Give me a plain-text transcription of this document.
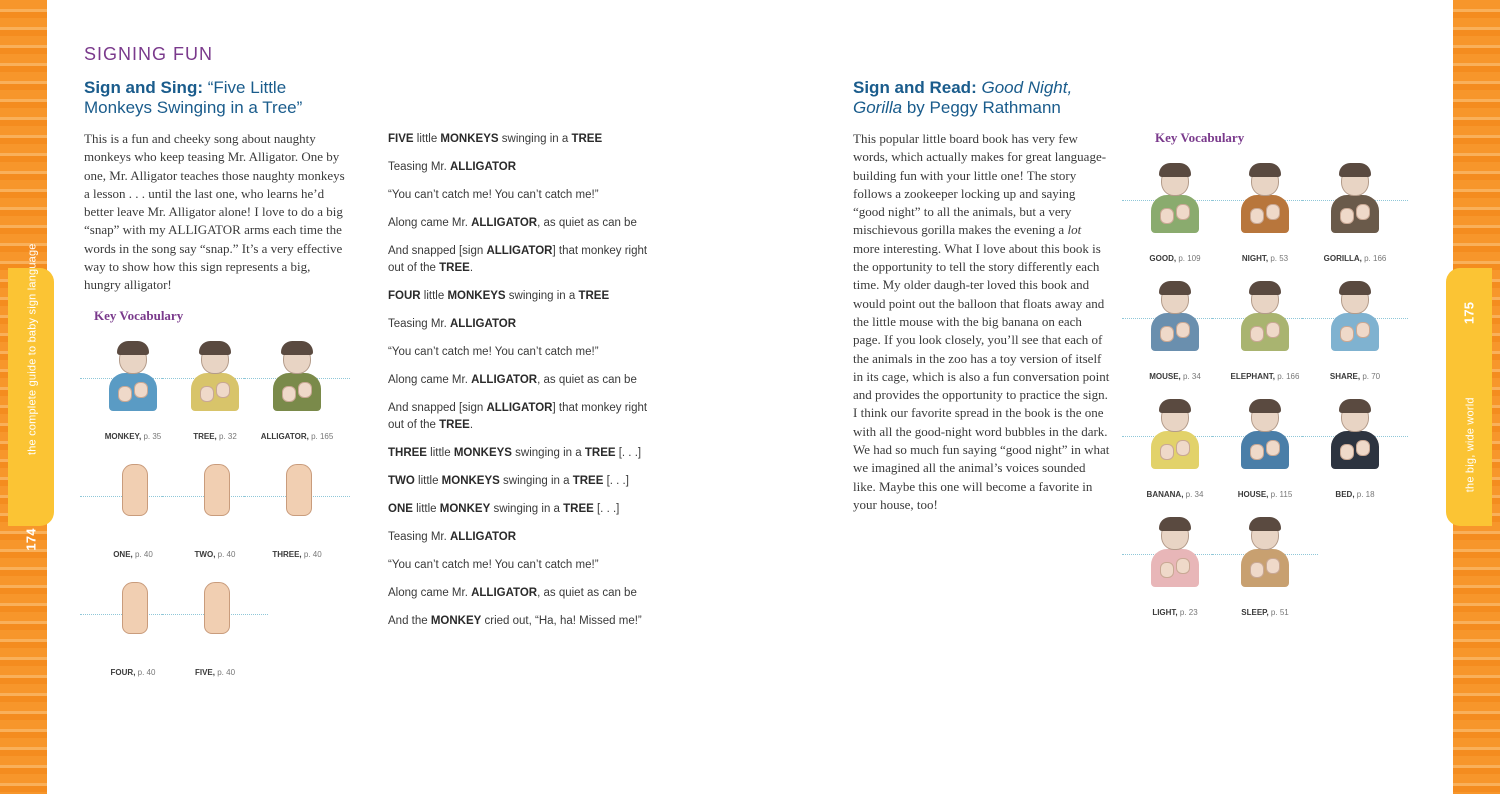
174 the complete guide to baby sign language	the big, wide world 175
SIGNING FUN
Sign and Sing: “Five Little Monkeys Swinging in a Tree”
This is a fun and cheeky song about naughty monkeys who keep teasing Mr. Alligator. One by one, Mr. Alligator teaches those naughty monkeys a lesson . . . until the last one, who learns he’d better leave Mr. Alligator alone! I love to do a big “snap” with my ALLIGATOR arms each time the words in the song say “snap.” It’s a very effective way to show how this sign represents a big, hungry alligator!
Key Vocabulary
MONKEY, p. 35	TREE, p. 32	ALLIGATOR, p. 165
ONE, p. 40	TWO, p. 40	THREE, p. 40
FOUR, p. 40	FIVE, p. 40
FIVE little MONKEYS swinging in a TREE
Teasing Mr. ALLIGATOR
“You can’t catch me! You can’t catch me!”
Along came Mr. ALLIGATOR, as quiet as can be
And snapped [sign ALLIGATOR] that monkey right out of the TREE.
FOUR little MONKEYS swinging in a TREE
Teasing Mr. ALLIGATOR
“You can’t catch me! You can’t catch me!”
Along came Mr. ALLIGATOR, as quiet as can be
And snapped [sign ALLIGATOR] that monkey right out of the TREE.
THREE little MONKEYS swinging in a TREE [. . .]
TWO little MONKEYS swinging in a TREE [. . .]
ONE little MONKEY swinging in a TREE [. . .]
Teasing Mr. ALLIGATOR
“You can’t catch me! You can’t catch me!”
Along came Mr. ALLIGATOR, as quiet as can be
And the MONKEY cried out, “Ha, ha! Missed me!”
Sign and Read: Good Night, Gorilla by Peggy Rathmann
This popular little board book has very few words, which actually makes for great language-building fun with your little one! The story follows a zookeeper locking up and saying “good night” to all the animals, but a very mischievous gorilla makes the evening a lot more interesting. What I love about this book is the opportunity to tell the story differently each time. My older daugh-ter loved this book and would point out the balloon that floats away and the little mouse with the big banana on each page. If you look closely, you’ll see that each of the animals in the zoo has a toy version of itself in its cage, which is also a fun conversation point and provides the opportunity to practice the sign. I think our favorite spread in the book is the one with all the good-night word bubbles in the dark. We had so much fun saying “good night” in what we imagined all the animal’s voices sounded like. Maybe this one will become a favorite in your house, too!
Key Vocabulary
GOOD, p. 109	NIGHT, p. 53	GORILLA, p. 166
MOUSE, p. 34	ELEPHANT, p. 166	SHARE, p. 70
BANANA, p. 34	HOUSE, p. 115	BED, p. 18
LIGHT, p. 23	SLEEP, p. 51
